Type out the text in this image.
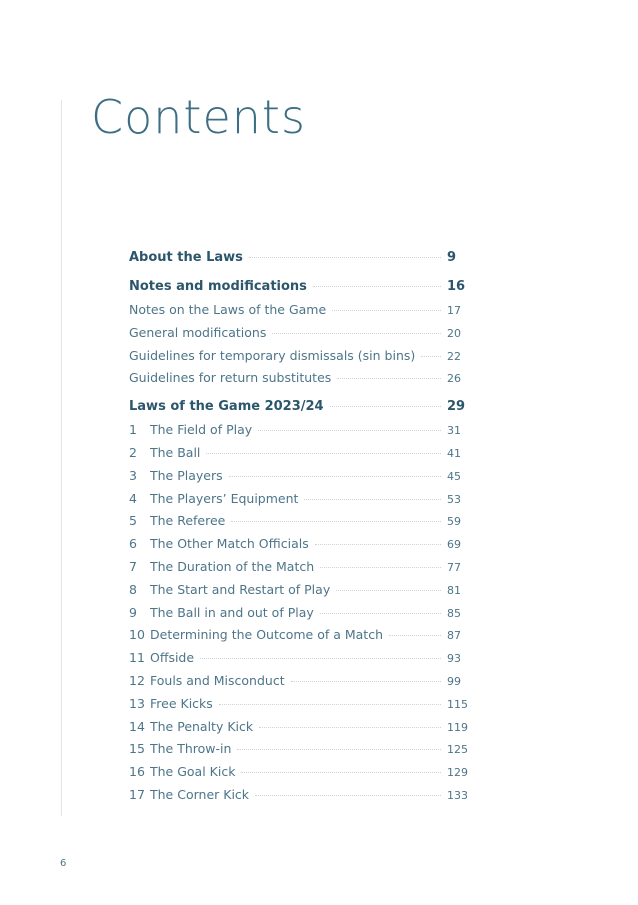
Contents
About the Laws	9
Notes and modifications	16
Notes on the Laws of the Game	17
General modifications	20
Guidelines for temporary dismissals (sin bins)	22
Guidelines for return substitutes	26
Laws of the Game 2023/24	29
1	The Field of Play	31
2	The Ball	41
3	The Players	45
4	The Players’ Equipment	53
5	The Referee	59
6	The Other Match Officials	69
7	The Duration of the Match	77
8	The Start and Restart of Play	81
9	The Ball in and out of Play	85
10 Determining the Outcome of a Match	87
11 Offside	93
12 Fouls and Misconduct	99
13 Free Kicks	115
14 The Penalty Kick	119
15 The Throw-in	125
16 The Goal Kick	129
17 The Corner Kick	133
6
